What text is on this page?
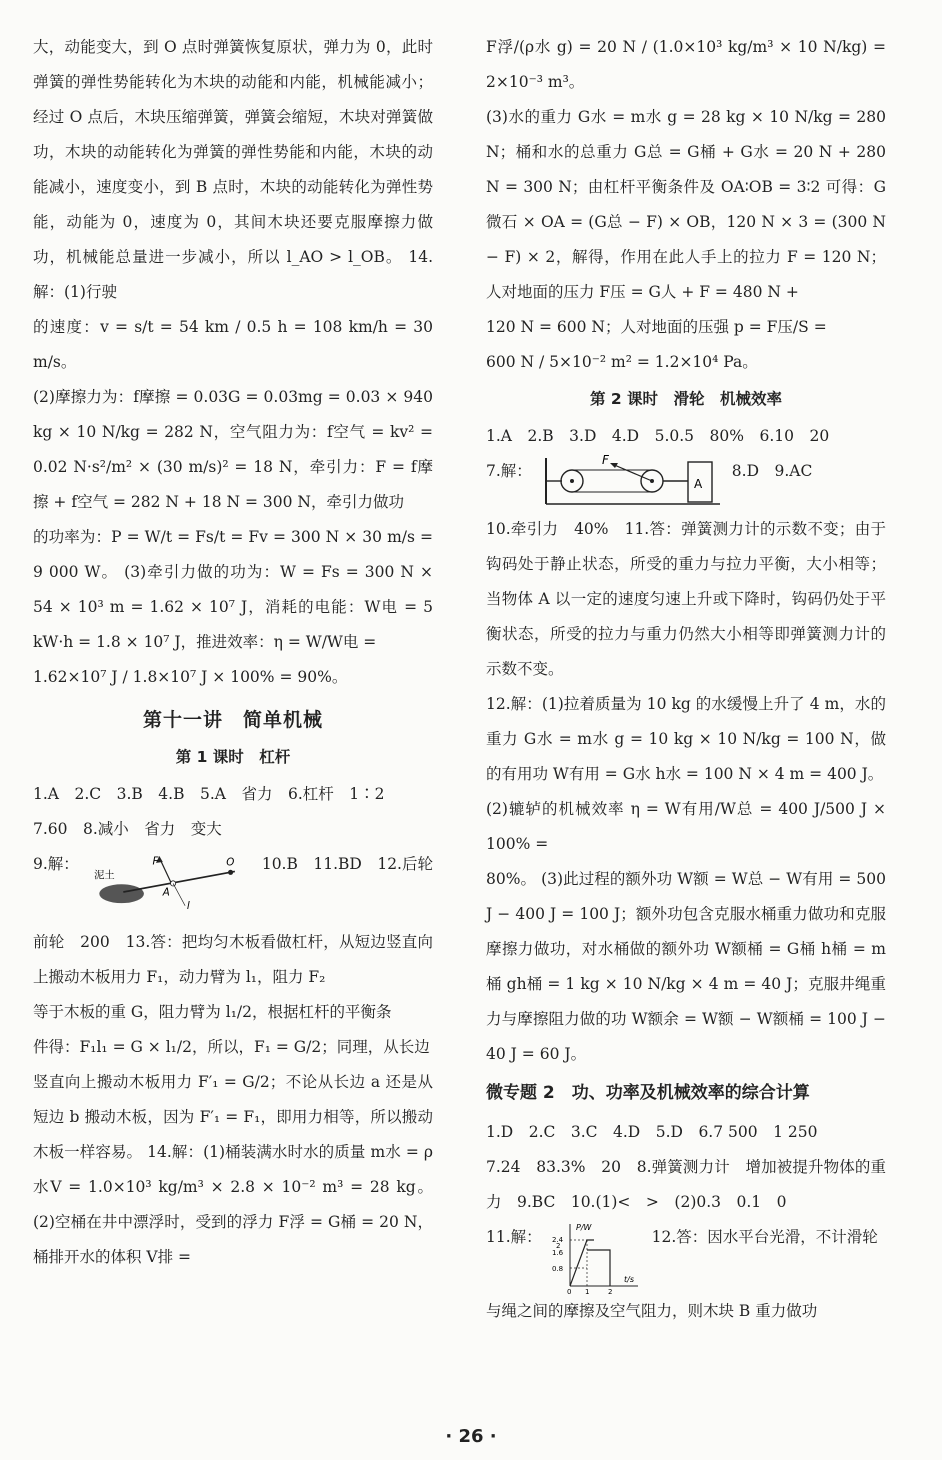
大，动能变大，到 O 点时弹簧恢复原状，弹力为 0，此时弹簧的弹性势能转化为木块的动能和内能，机械能减小；经过 O 点后，木块压缩弹簧，弹簧会缩短，木块对弹簧做功，木块的动能转化为弹簧的弹性势能和内能，木块的动能减小，速度变小，到 B 点时，木块的动能转化为弹性势能，动能为 0，速度为 0，其间木块还要克服摩擦力做功，机械能总量进一步减小，所以 l_AO > l_OB。 14.解：(1)行驶

的速度：v = s/t = 54 km / 0.5 h = 108 km/h = 30 m/s。

(2)摩擦力为：f摩擦 = 0.03G = 0.03mg = 0.03 × 940 kg × 10 N/kg = 282 N，空气阻力为：f空气 = kv² = 0.02 N·s²/m² × (30 m/s)² = 18 N，牵引力：F = f摩擦 + f空气 = 282 N + 18 N = 300 N，牵引力做功

的功率为：P = W/t = Fs/t = Fv = 300 N × 30 m/s = 9 000 W。 (3)牵引力做的功为：W = Fs = 300 N × 54 × 10³ m = 1.62 × 10⁷ J，消耗的电能：W电 = 5 kW·h = 1.8 × 10⁷ J，推进效率：η = W/W电 =

1.62×10⁷ J / 1.8×10⁷ J × 100% = 90%。

第十一讲　简单机械
第 1 课时　杠杆

1.A　2.C　3.B　4.B　5.A　省力　6.杠杆　1∶2

7.60　8.减小　省力　变大

9.解：
泥土
F
A
O
l
10.B　11.BD　12.后轮

前轮　200　13.答：把均匀木板看做杠杆，从短边竖直向上搬动木板用力 F₁，动力臂为 l₁，阻力 F₂

等于木板的重 G，阻力臂为 l₁/2，根据杠杆的平衡条

件得：F₁l₁ = G × l₁/2，所以，F₁ = G/2；同理，从长边

竖直向上搬动木板用力 F′₁ = G/2；不论从长边 a 还是从短边 b 搬动木板，因为 F′₁ = F₁，即用力相等，所以搬动木板一样容易。 14.解：(1)桶装满水时水的质量 m水 = ρ水V = 1.0×10³ kg/m³ × 2.8 × 10⁻² m³ = 28 kg。 (2)空桶在井中漂浮时，受到的浮力 F浮 = G桶 = 20 N，桶排开水的体积 V排 =

F浮/(ρ水 g) = 20 N / (1.0×10³ kg/m³ × 10 N/kg) = 2×10⁻³ m³。

(3)水的重力 G水 = m水 g = 28 kg × 10 N/kg = 280 N；桶和水的总重力 G总 = G桶 + G水 = 20 N + 280 N = 300 N；由杠杆平衡条件及 OA∶OB = 3∶2 可得：G微石 × OA = (G总 − F) × OB，120 N × 3 = (300 N − F) × 2，解得，作用在此人手上的拉力 F = 120 N；人对地面的压力 F压 = G人 + F = 480 N +

120 N = 600 N；人对地面的压强 p = F压/S =

600 N / 5×10⁻² m² = 1.2×10⁴ Pa。

第 2 课时　滑轮　机械效率

1.A　2.B　3.D　4.D　5.0.5　80%　6.10　20

7.解：
F
A
8.D　9.AC

10.牵引力　40%　11.答：弹簧测力计的示数不变；由于钩码处于静止状态，所受的重力与拉力平衡，大小相等；当物体 A 以一定的速度匀速上升或下降时，钩码仍处于平衡状态，所受的拉力与重力仍然大小相等即弹簧测力计的示数不变。

12.解：(1)拉着质量为 10 kg 的水缓慢上升了 4 m，水的重力 G水 = m水 g = 10 kg × 10 N/kg = 100 N，做的有用功 W有用 = G水 h水 = 100 N × 4 m = 400 J。

(2)辘轳的机械效率 η = W有用/W总 = 400 J/500 J × 100% =

80%。 (3)此过程的额外功 W额 = W总 − W有用 = 500 J − 400 J = 100 J；额外功包含克服水桶重力做功和克服摩擦力做功，对水桶做的额外功 W额桶 = G桶 h桶 = m桶 gh桶 = 1 kg × 10 N/kg × 4 m = 40 J；克服井绳重力与摩擦阻力做的功 W额余 = W额 − W额桶 = 100 J − 40 J = 60 J。

微专题 2　功、功率及机械效率的综合计算

1.D　2.C　3.C　4.D　5.D　6.7 500　1 250

7.24　83.3%　20　8.弹簧测力计　增加被提升物体的重力　9.BC　10.(1)<　>　(2)0.3　0.1　0

11.解：
P/W
t/s
2.4
2
1.6
0.8
0 1	2
12.答：因水平台光滑，不计滑轮

与绳之间的摩擦及空气阻力，则木块 B 重力做功

· 26 ·
